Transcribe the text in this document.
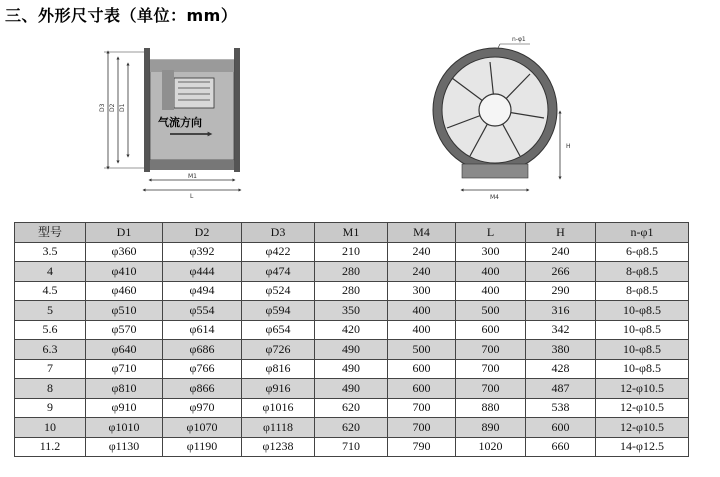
三、外形尺寸表（单位：mm）
D3 D2 D1
气流方向
M1
L
n-φ1
H
M4
型号	D1	D2	D3	M1	M4	L	H	n-φ1
3.5	φ360	φ392	φ422	210	240	300	240	6-φ8.5
4	φ410	φ444	φ474	280	240	400	266	8-φ8.5
4.5	φ460	φ494	φ524	280	300	400	290	8-φ8.5
5	φ510	φ554	φ594	350	400	500	316	10-φ8.5
5.6	φ570	φ614	φ654	420	400	600	342	10-φ8.5
6.3	φ640	φ686	φ726	490	500	700	380	10-φ8.5
7	φ710	φ766	φ816	490	600	700	428	10-φ8.5
8	φ810	φ866	φ916	490	600	700	487	12-φ10.5
9	φ910	φ970	φ1016	620	700	880	538	12-φ10.5
10	φ1010	φ1070	φ1118	620	700	890	600	12-φ10.5
11.2	φ1130	φ1190	φ1238	710	790	1020	660	14-φ12.5
